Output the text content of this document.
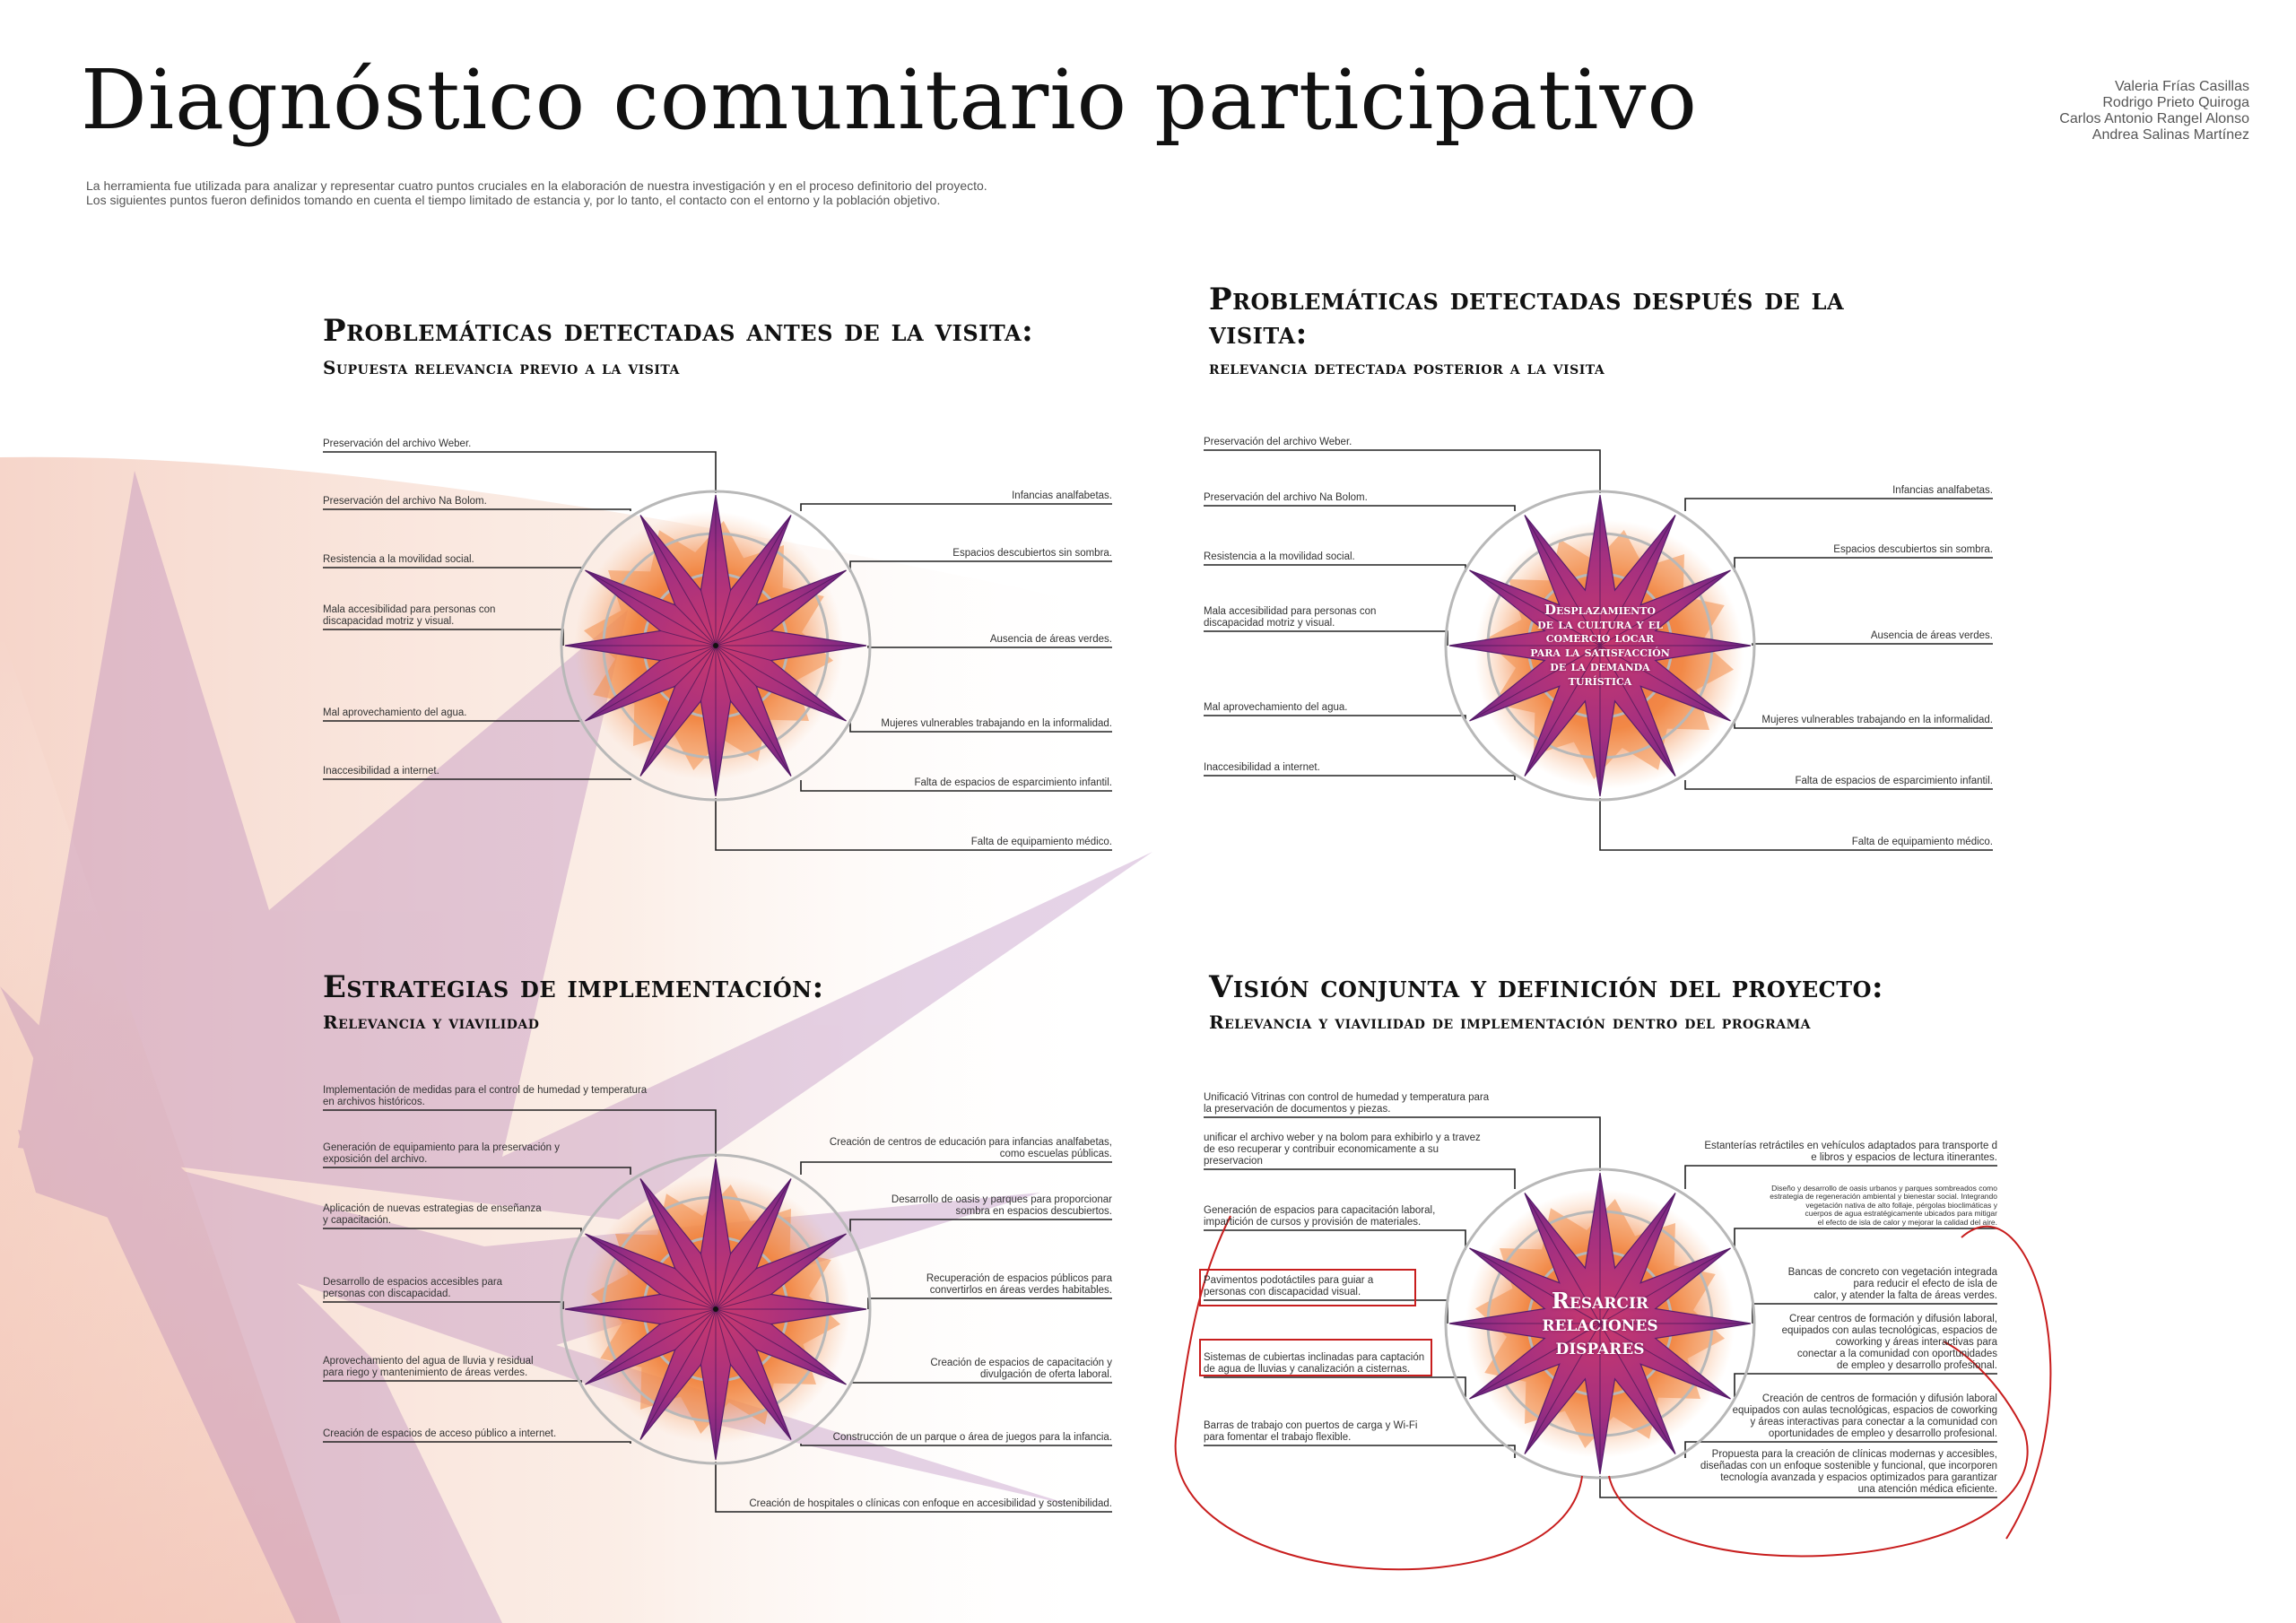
Diagnóstico comunitario participativo	Valeria Frías Casillas
Rodrigo Prieto Quiroga
Carlos Antonio Rangel Alonso
Andrea Salinas Martínez
La herramienta fue utilizada para analizar y representar cuatro puntos cruciales en la elaboración de nuestra investigación y en el proceso definitorio del proyecto.
Los siguientes puntos fueron definidos tomando en cuenta el tiempo limitado de estancia y, por lo tanto, el contacto con el entorno y la población objetivo.
Problemáticas detectadas antes de la visita:
Supuesta relevancia previo a la visita
Preservación del archivo Weber.
Preservación del archivo Na Bolom.
Resistencia a la movilidad social.
Mala accesibilidad para personas con
discapacidad motriz y visual.
Mal aprovechamiento del agua.
Inaccesibilidad a internet.
Infancias analfabetas.
Espacios descubiertos sin sombra.
Ausencia de áreas verdes.
Mujeres vulnerables trabajando en la informalidad.
Falta de espacios de esparcimiento infantil.
Falta de equipamiento médico.
Problemáticas detectadas después de la
visita:
relevancia detectada posterior a la visita
Preservación del archivo Weber.
Preservación del archivo Na Bolom.
Resistencia a la movilidad social.
Mala accesibilidad para personas con
discapacidad motriz y visual.
Mal aprovechamiento del agua.
Inaccesibilidad a internet.
Infancias analfabetas.
Espacios descubiertos sin sombra.
Ausencia de áreas verdes.
Mujeres vulnerables trabajando en la informalidad.
Falta de espacios de esparcimiento infantil.
Falta de equipamiento médico.
Desplazamiento
de la cultura y el
comercio locar
para la satisfacción
de la demanda
turística
Estrategias de implementación:
Relevancia y viavilidad
Implementación de medidas para el control de humedad y temperatura
en archivos históricos.
Generación de equipamiento para la preservación y
exposición del archivo.
Aplicación de nuevas estrategias de enseñanza
y capacitación.
Desarrollo de espacios accesibles para
personas con discapacidad.
Aprovechamiento del agua de lluvia y residual
para riego y mantenimiento de áreas verdes.
Creación de espacios de acceso público a internet.
Creación de centros de educación para infancias analfabetas,
como escuelas públicas.
Desarrollo de oasis y parques para proporcionar
sombra en espacios descubiertos.
Recuperación de espacios públicos para
convertirlos en áreas verdes habitables.
Creación de espacios de capacitación y
divulgación de oferta laboral.
Construcción de un parque o área de juegos para la infancia.
Creación de hospitales o clínicas con enfoque en accesibilidad y sostenibilidad.
Visión conjunta y definición del proyecto:
Relevancia y viavilidad de implementación dentro del programa
Unificació Vitrinas con control de humedad y temperatura para
la preservación de documentos y piezas.
unificar el archivo weber y na bolom para exhibirlo y a travez
de eso recuperar y contribuir economicamente a su
preservacion
Generación de espacios para capacitación laboral,
impartición de cursos y provisión de materiales.
Pavimentos podotáctiles para guiar a
personas con discapacidad visual.
Sistemas de cubiertas inclinadas para captación
de agua de lluvias y canalización a cisternas.
Barras de trabajo con puertos de carga y Wi-Fi
para fomentar el trabajo flexible.
Estanterías retráctiles en vehículos adaptados para transporte d
e libros y espacios de lectura itinerantes.
Diseño y desarrollo de oasis urbanos y parques sombreados como
estrategia de regeneración ambiental y bienestar social. Integrando
vegetación nativa de alto follaje, pérgolas bioclimáticas y
cuerpos de agua estratégicamente ubicados para mitigar
el efecto de isla de calor y mejorar la calidad del aire.
Bancas de concreto con vegetación integrada
para reducir el efecto de isla de
calor, y atender la falta de áreas verdes.
Crear centros de formación y difusión laboral,
equipados con aulas tecnológicas, espacios de
coworking y áreas interactivas para
conectar a la comunidad con oportunidades
de empleo y desarrollo profesional.
Creación de centros de formación y difusión laboral
equipados con aulas tecnológicas, espacios de coworking
y áreas interactivas para conectar a la comunidad con
oportunidades de empleo y desarrollo profesional.
Propuesta para la creación de clínicas modernas y accesibles,
diseñadas con un enfoque sostenible y funcional, que incorporen
tecnología avanzada y espacios optimizados para garantizar
una atención médica eficiente.
Resarcir
relaciones
dispares
